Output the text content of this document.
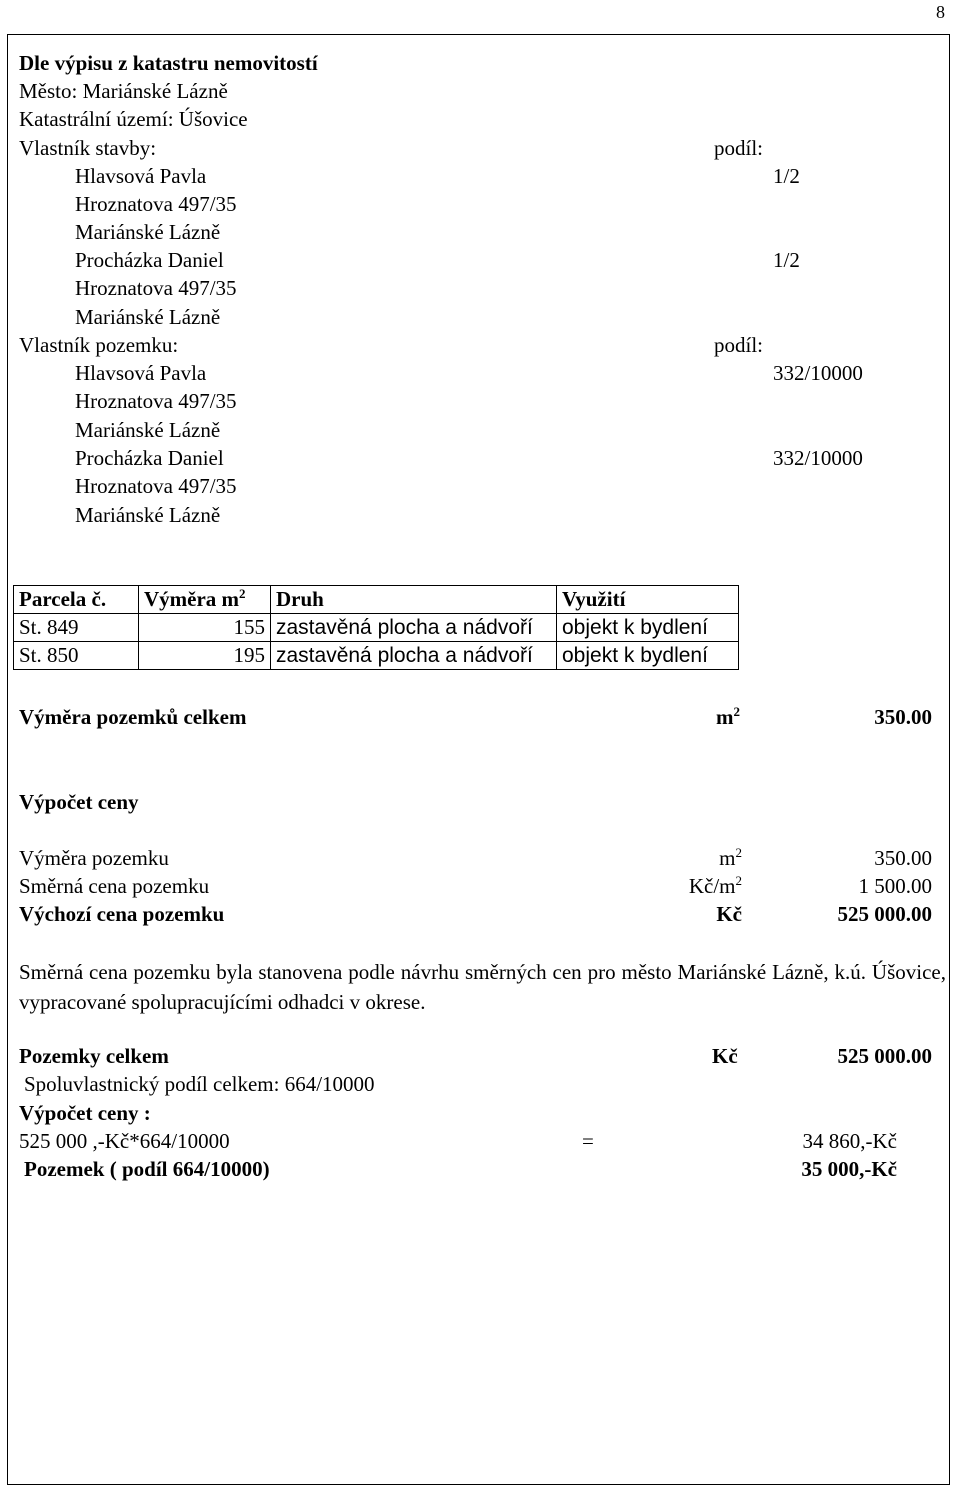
8
Dle výpisu z katastru nemovitostí
Město: Mariánské Lázně
Katastrální území: Úšovice
Vlastník stavby:	podíl:
Hlavsová Pavla	1/2
Hroznatova 497/35
Mariánské Lázně
Procházka Daniel	1/2
Hroznatova 497/35
Mariánské Lázně
Vlastník pozemku:	podíl:
Hlavsová Pavla	332/10000
Hroznatova 497/35
Mariánské Lázně
Procházka Daniel	332/10000
Hroznatova 497/35
Mariánské Lázně
Parcela č.	Výměra $m^2$	Druh	Využití
St. 849	155	zastavěná plocha a nádvoří	objekt k bydlení
St. 850	195	zastavěná plocha a nádvoří	objekt k bydlení
Výměra pozemků celkem	$m^2$	350.00
Výpočet ceny
Výměra pozemku	$m^2$	350.00
Směrná cena pozemku	$Kč/m^2$	1 500.00
Výchozí cena pozemku	Kč	525 000.00
Směrná cena pozemku byla stanovena podle návrhu směrných cen pro město Mariánské Lázně, k.ú. Úšovice, vypracované spolupracujícími odhadci v okrese.
Pozemky celkem	Kč	525 000.00
Spoluvlastnický podíl celkem: 664/10000
Výpočet ceny :
525 000 ,-Kč*664/10000	=	34 860,-Kč
Pozemek ( podíl 664/10000)	35 000,-Kč
